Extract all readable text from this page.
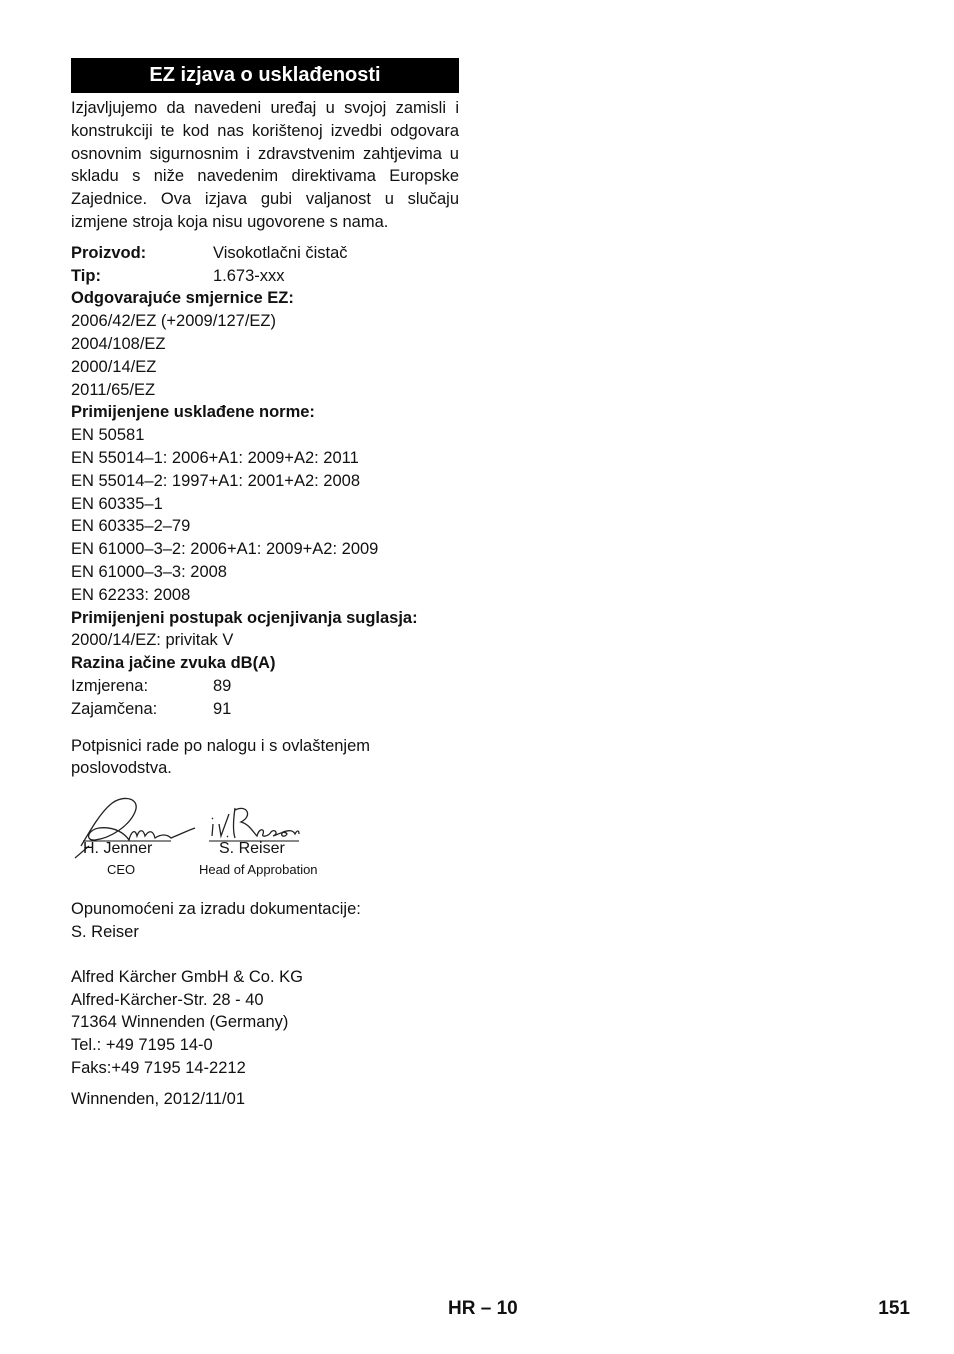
EZ izjava o usklađenosti
Izjavljujemo da navedeni uređaj u svojoj zamisli i konstrukciji te kod nas korištenoj izvedbi odgovara osnovnim sigurnosnim i zdravstvenim zahtjevima u skladu s niže navedenim direktivama Europske Zajednice. Ova izjava gubi valjanost u slučaju izmjene stroja koja nisu ugovorene s nama.
Proizvod:	Visokotlačni čistač
Tip:	1.673-xxx
Odgovarajuće smjernice EZ:
2006/42/EZ (+2009/127/EZ)
2004/108/EZ
2000/14/EZ
2011/65/EZ
Primijenjene usklađene norme:
EN 50581
EN 55014–1: 2006+A1: 2009+A2: 2011
EN 55014–2: 1997+A1: 2001+A2: 2008
EN 60335–1
EN 60335–2–79
EN 61000–3–2: 2006+A1: 2009+A2: 2009
EN 61000–3–3: 2008
EN 62233: 2008
Primijenjeni postupak ocjenjivanja suglasja:
2000/14/EZ: privitak V
Razina jačine zvuka dB(A)
Izmjerena:	89
Zajamčena:	91
Potpisnici rade po nalogu i s ovlaštenjem poslovodstva.
H. Jenner
CEO
S. Reiser
Head of Approbation
Opunomoćeni za izradu dokumentacije:
S. Reiser
Alfred Kärcher GmbH & Co. KG
Alfred-Kärcher-Str. 28 - 40
71364 Winnenden (Germany)
Tel.: +49 7195 14-0
Faks:+49 7195 14-2212
Winnenden, 2012/11/01
HR – 10	151
